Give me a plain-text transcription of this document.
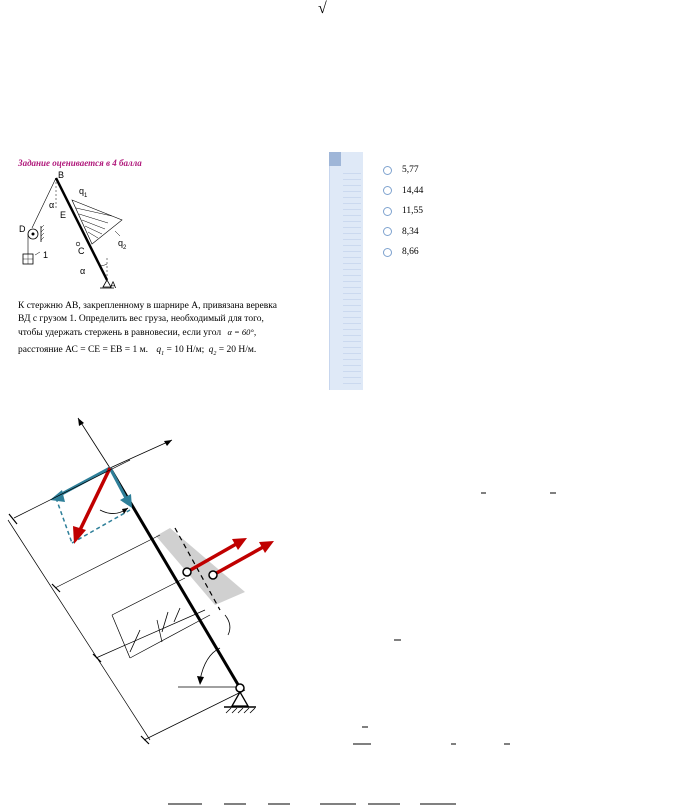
√
Задание оценивается в 4 балла
B
$q_1$
α
E
D
$q_2$
C
1
α
A
К стержню АВ, закрепленному в шарнире А, привязана веревка
ВД с грузом 1. Определить вес груза, необходимый для того,
чтобы удержать стержень в равновесии, если угол α = 60°,
расстояние АС = СЕ = ЕВ = 1 м. $q_1 = 10$ Н/м; $q_2 = 20$ Н/м.
5,77
14,44
11,55
8,34
8,66
